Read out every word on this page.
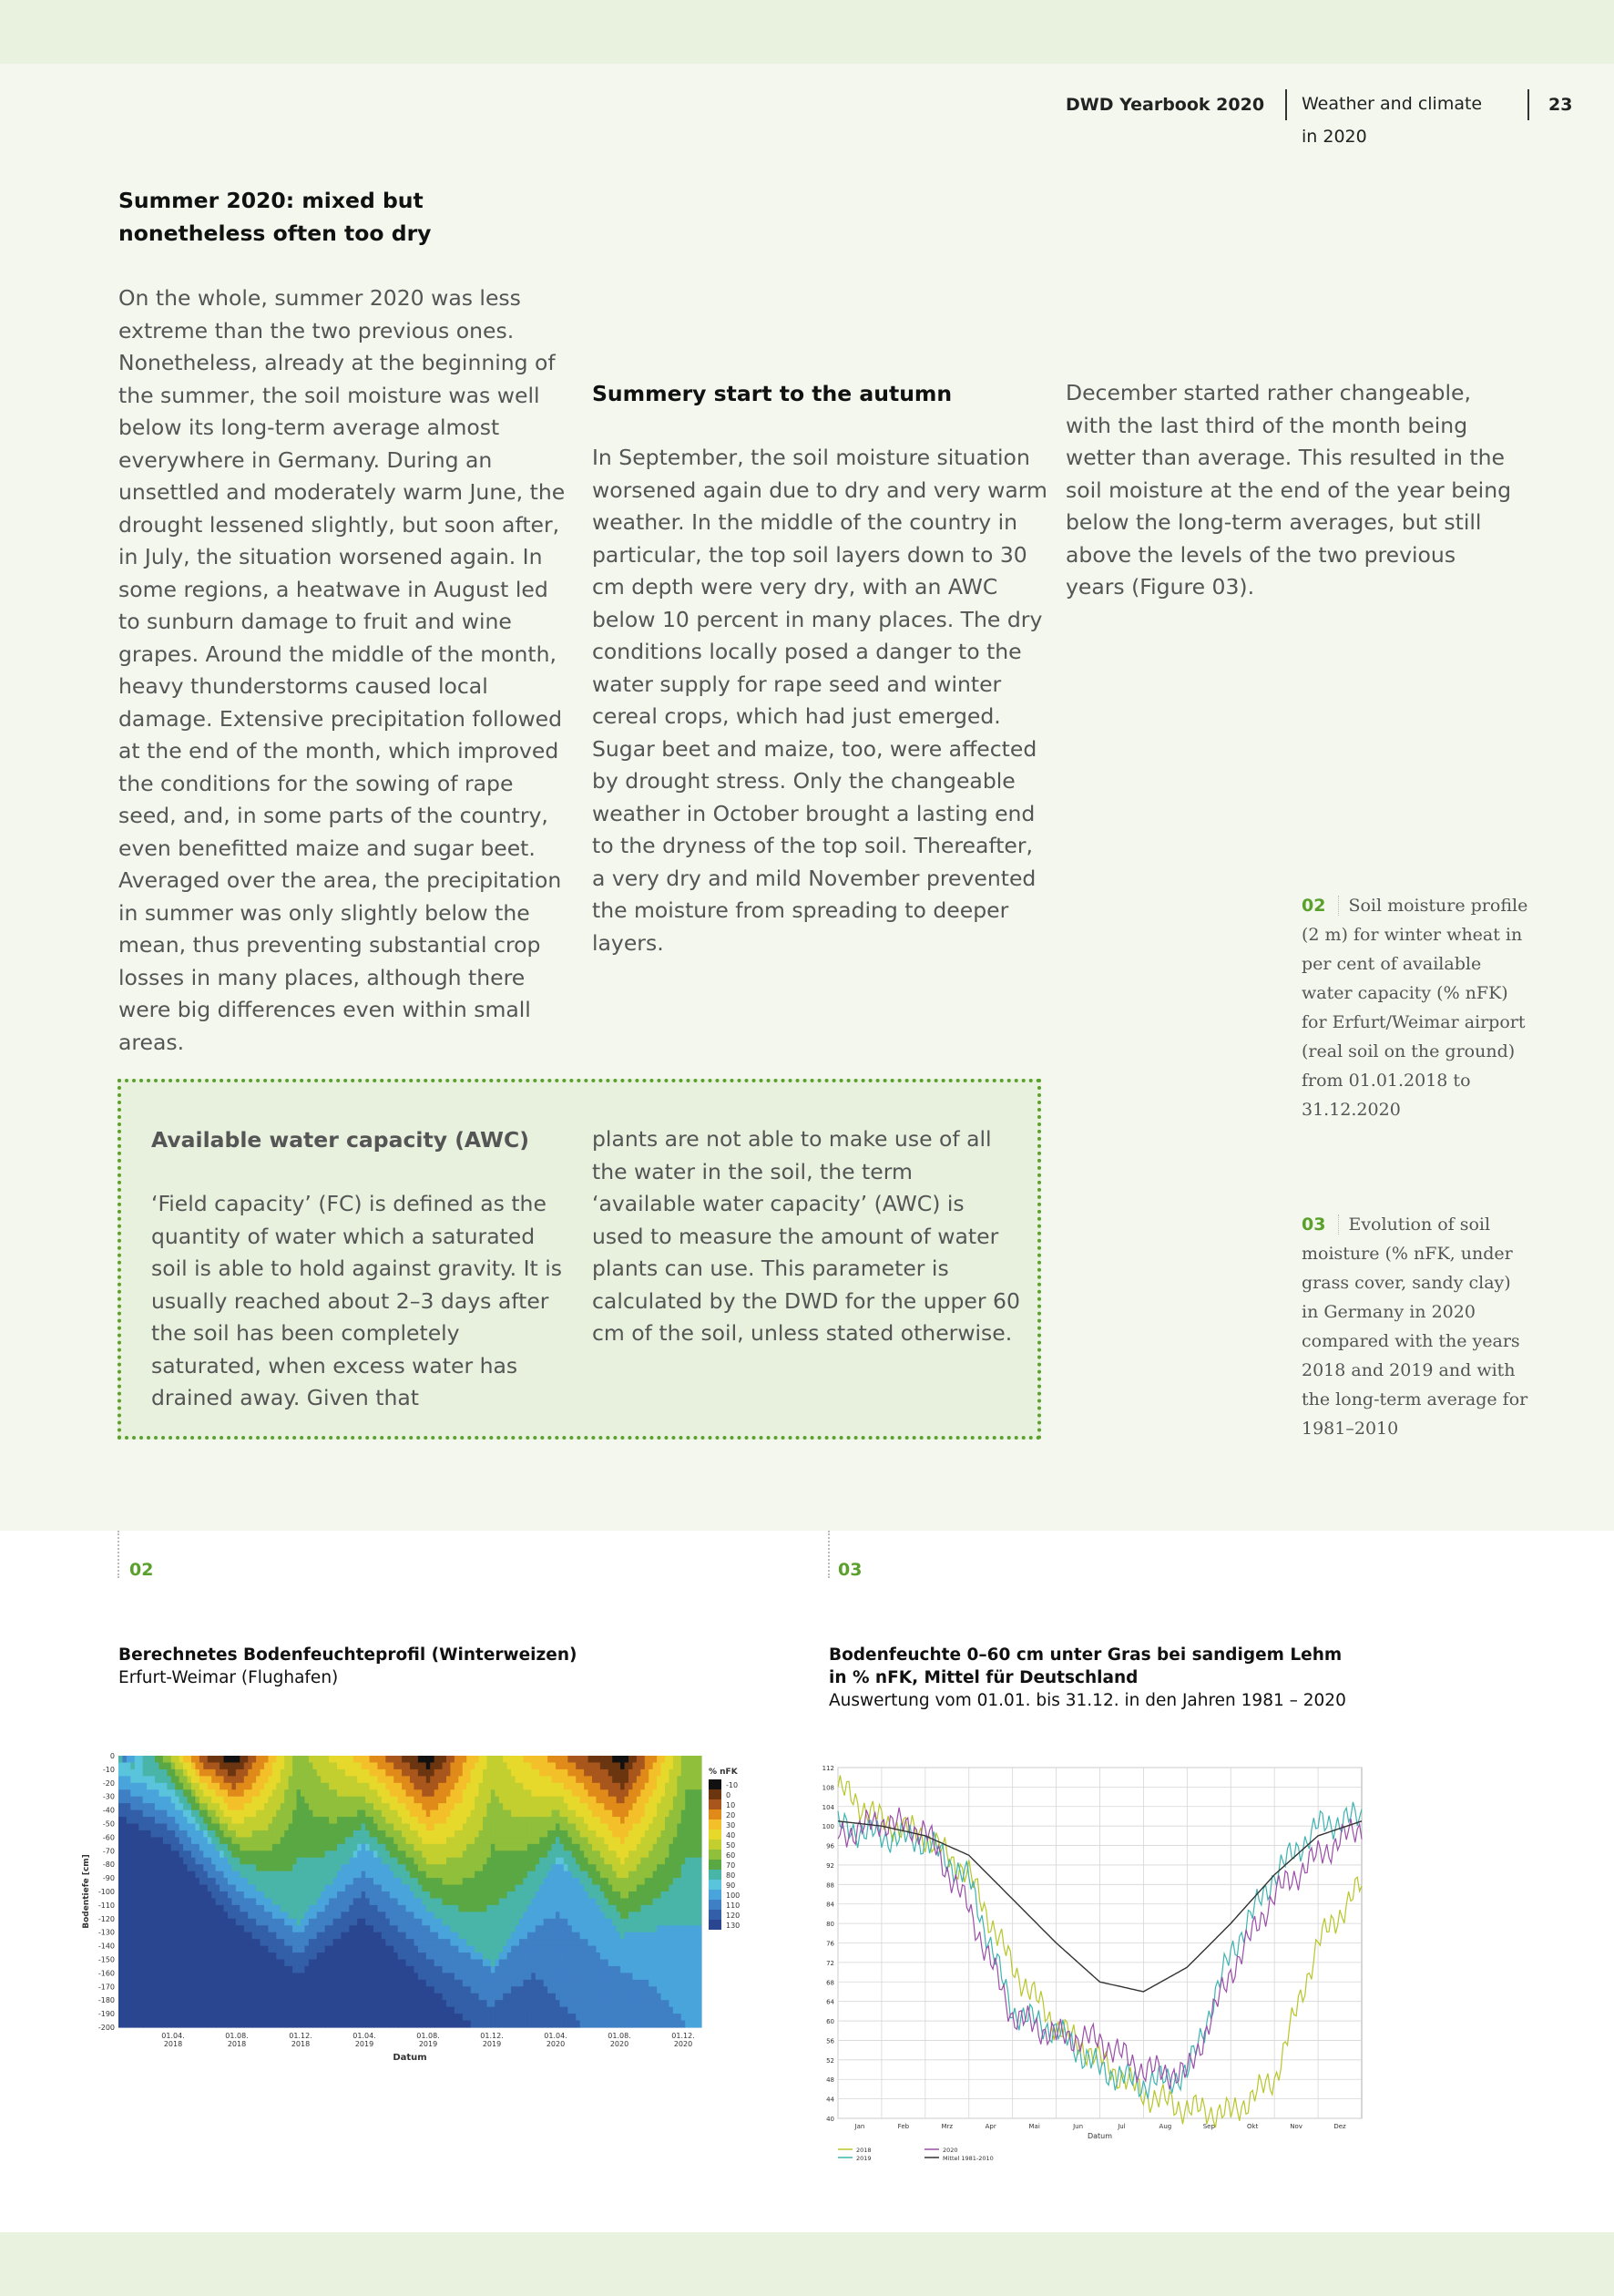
DWD Yearbook 2020 Weather and climate in 2020
23
Summer 2020: mixed but nonetheless often too dry

On the whole, summer 2020 was less extreme than the two previous ones. Nonetheless, already at the beginning of the summer, the soil moisture was well below its long-term average almost everywhere in Germany. During an unsettled and moderately warm June, the drought lessened slightly, but soon after, in July, the situation worsened again. In some regions, a heatwave in August led to sunburn damage to fruit and wine grapes. Around the middle of the month, heavy thunderstorms caused local damage. Extensive precipitation followed at the end of the month, which improved the conditions for the sowing of rape seed, and, in some parts of the country, even benefitted maize and sugar beet. Averaged over the area, the precipitation in summer was only slightly below the mean, thus preventing substantial crop losses in many places, although there were big differences even within small areas.

Summery start to the autumn

In September, the soil moisture situation worsened again due to dry and very warm weather. In the middle of the country in particular, the top soil layers down to 30 cm depth were very dry, with an AWC below 10 percent in many places. The dry conditions locally posed a danger to the water supply for rape seed and winter cereal crops, which had just emerged. Sugar beet and maize, too, were affected by drought stress. Only the changeable weather in October brought a lasting end to the dryness of the top soil. Thereafter, a very dry and mild November prevented the moisture from spreading to deeper layers.

December started rather changeable, with the last third of the month being wetter than average. This resulted in the soil moisture at the end of the year being below the long-term averages, but still above the levels of the two previous years (Figure 03).

02 Soil moisture profile (2 m) for winter wheat in per cent of available water capacity (% nFK) for Erfurt/Weimar airport (real soil on the ground) from 01.01.2018 to 31.12.2020
03 Evolution of soil moisture (% nFK, under grass cover, sandy clay) in Germany in 2020 compared with the years 2018 and 2019 and with the long-term average for 1981–2010
Available water capacity (AWC)

‘Field capacity’ (FC) is defined as the quantity of water which a saturated soil is able to hold against gravity. It is usually reached about 2–3 days after the soil has been completely saturated, when excess water has drained away. Given that

plants are not able to make use of all the water in the soil, the term ‘available water capacity’ (AWC) is used to measure the amount of water plants can use. This parameter is calculated by the DWD for the upper 60 cm of the soil, unless stated otherwise.

02	03
Berechnetes Bodenfeuchteprofil (Winterweizen)
Erfurt-Weimar (Flughafen)
Bodenfeuchte 0–60 cm unter Gras bei sandigem Lehm
in % nFK, Mittel für Deutschland
Auswertung vom 01.01. bis 31.12. in den Jahren 1981 – 2020
0
-10
-20
-30
-40
-50
-60
-70
-80
-90
-100
-110
-120
-130
-140
-150
-160
-170
-180
-190
-200
01.04.
2018
01.08.
2018
01.12.
2018
01.04.
2019
01.08.
2019
01.12.
2019
01.04.
2020
01.08.
2020
01.12.
2020
Datum
Bodentiefe [cm]
% nFK
-10
0
10
20
30
40
50
60
70
80
90
100
110
120
130
40
44
48
52
56
60
64
68
72
76
80
84
88
92
96
100
104
108
112
Jan	Feb	Mrz	Apr	Mai	Jun	Jul	Aug	Sep	Okt	Nov	Dez
Datum
2018
2019
2020
Mittel 1981-2010
